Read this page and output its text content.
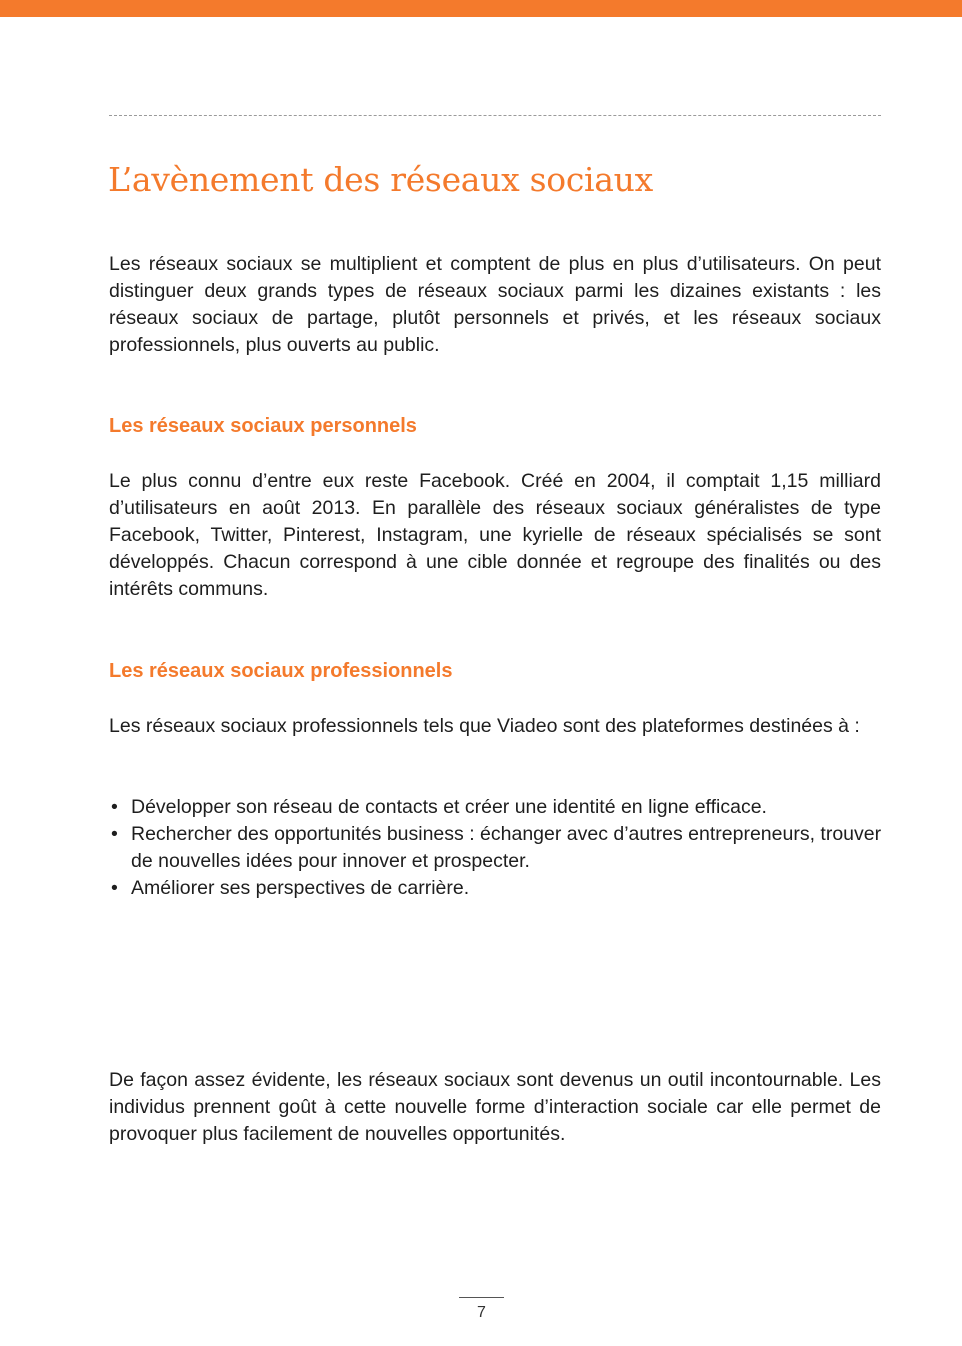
L’avènement des réseaux sociaux

Les réseaux sociaux se multiplient et comptent de plus en plus d’utilisateurs. On peut distinguer deux grands types de réseaux sociaux parmi les dizaines existants : les réseaux sociaux de partage, plutôt personnels et privés, et les réseaux sociaux professionnels, plus ouverts au public.

Les réseaux sociaux personnels

Le plus connu d’entre eux reste Facebook. Créé en 2004, il comptait 1,15 milliard d’utilisateurs en août 2013. En parallèle des réseaux sociaux généralistes de type Facebook, Twitter, Pinterest, Instagram, une kyrielle de réseaux spécialisés se sont développés. Chacun correspond à une cible donnée et regroupe des finalités ou des intérêts communs.

Les réseaux sociaux professionnels

Les réseaux sociaux professionnels tels que Viadeo sont des plateformes destinées à :

• Développer son réseau de contacts et créer une identité en ligne efficace.
• Rechercher des opportunités business : échanger avec d’autres entrepreneurs, trouver de nouvelles idées pour innover et prospecter.
• Améliorer ses perspectives de carrière.

De façon assez évidente, les réseaux sociaux sont devenus un outil incontournable. Les individus prennent goût à cette nouvelle forme d’interaction sociale car elle permet de provoquer plus facilement de nouvelles opportunités.

7
